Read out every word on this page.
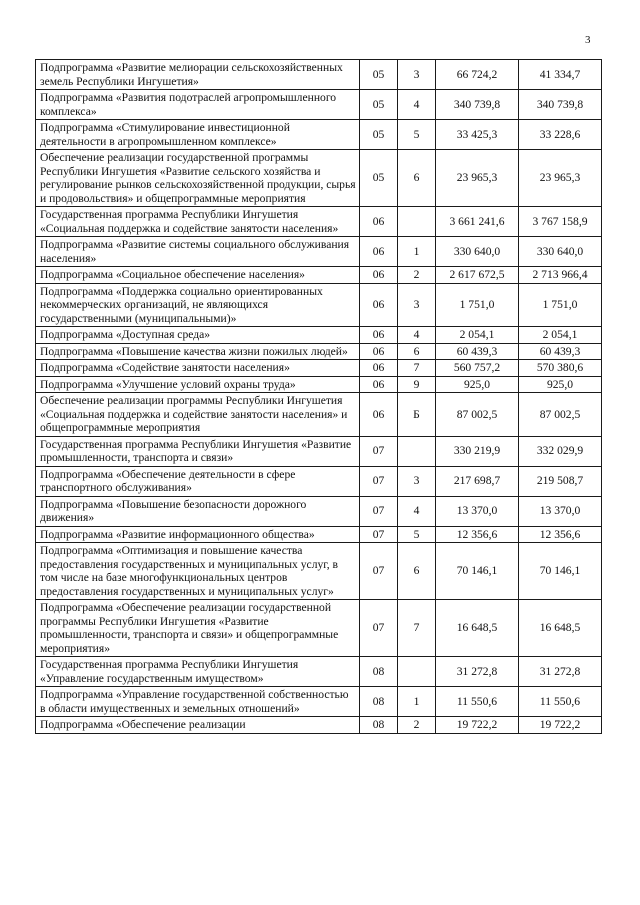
3
Подпрограмма «Развитие мелиорации сельскохозяйственных земель Республики Ингушетия»	05	3	66 724,2	41 334,7
Подпрограмма «Развития подотраслей агропромышленного комплекса»	05	4	340 739,8	340 739,8
Подпрограмма «Стимулирование инвестиционной деятельности в агропромышленном комплексе»	05	5	33 425,3	33 228,6
Обеспечение реализации государственной программы Республики Ингушетия «Развитие сельского хозяйства и регулирование рынков сельскохозяйственной продукции, сырья и продовольствия» и общепрограммные мероприятия	05	6	23 965,3	23 965,3
Государственная программа Республики Ингушетия «Социальная поддержка и содействие занятости населения»	06		3 661 241,6	3 767 158,9
Подпрограмма «Развитие системы социального обслуживания населения»	06	1	330 640,0	330 640,0
Подпрограмма «Социальное обеспечение населения»	06	2	2 617 672,5	2 713 966,4
Подпрограмма «Поддержка социально ориентированных некоммерческих организаций, не являющихся государственными (муниципальными)»	06	3	1 751,0	1 751,0
Подпрограмма «Доступная среда»	06	4	2 054,1	2 054,1
Подпрограмма «Повышение качества жизни пожилых людей»	06	6	60 439,3	60 439,3
Подпрограмма «Содействие занятости населения»	06	7	560 757,2	570 380,6
Подпрограмма «Улучшение условий охраны труда»	06	9	925,0	925,0
Обеспечение реализации программы Республики Ингушетия «Социальная поддержка и содействие занятости населения» и общепрограммные мероприятия	06	Б	87 002,5	87 002,5
Государственная программа Республики Ингушетия «Развитие промышленности, транспорта и связи»	07		330 219,9	332 029,9
Подпрограмма «Обеспечение деятельности в сфере транспортного обслуживания»	07	3	217 698,7	219 508,7
Подпрограмма «Повышение безопасности дорожного движения»	07	4	13 370,0	13 370,0
Подпрограмма «Развитие информационного общества»	07	5	12 356,6	12 356,6
Подпрограмма «Оптимизация и повышение качества предоставления государственных и муниципальных услуг, в том числе на базе многофункциональных центров предоставления государственных и муниципальных услуг»	07	6	70 146,1	70 146,1
Подпрограмма «Обеспечение реализации государственной программы Республики Ингушетия «Развитие промышленности, транспорта и связи» и общепрограммные мероприятия»	07	7	16 648,5	16 648,5
Государственная программа Республики Ингушетия «Управление государственным имуществом»	08		31 272,8	31 272,8
Подпрограмма «Управление государственной собственностью в области имущественных и земельных отношений»	08	1	11 550,6	11 550,6
Подпрограмма «Обеспечение реализации	08	2	19 722,2	19 722,2
